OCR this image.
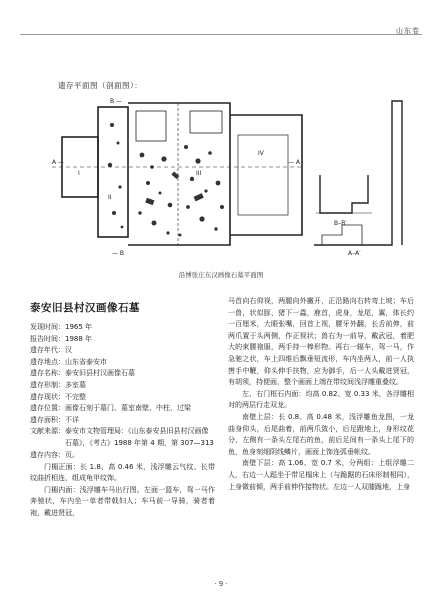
山东卷
遗存平面图（剖面图）：
A —	— A
B —
— B
I
II
III
IV
B–B′
A–A′
沿博张庄东汉画像石墓平面图
泰安旧县村汉画像石墓
发现时间： 1965 年
报告时间： 1988 年
遗存年代： 汉
遗存地点： 山东省泰安市
遗存名称： 泰安旧县村汉画像石墓
遗存形制： 多室墓
遗存现状： 不完整
遗存位置： 画像石刻于墓门、墓室南壁、中柱、过梁
遗存面积： 不详
文献来源： 泰安市文物管理局：《山东泰安县旧县村汉画像石墓》，《考古》1988 年第 4 期，第 307—313 页。

遗存内容：

门楣正面：长 1.8、高 0.46 米，浅浮雕云气纹、长带纹曲折相连，组成龟甲纹饰。

门楣内面：浅浮雕车马出行图。左面一篮车，驾一马作奔驰状，车内坐一单者带戟妇人；车马前一导骑，骑者着袍，戴进贤冠，

马首向右仰视，两腿向外撇开，正沿路向右转弯上坡；车后一兽，状似豚，猪下一蟲，鹿首，虎身，龙尾，翼，体长约一百厘米，大眼张嘴，回首上视，腰牙外翻，长舌前伸，前两爪置于头两侧，作正视状；兽右为一前导，戴武冠，着肥大的束腰袍服，两手持一棒形物。再右一辐车，驾一马，作急驰之状，车上四维后飘垂短流形，车内坐两人，前一人执辔手中鞭，仰头伸手扶物，应为御手，后一人头戴进贤冠，有胡须，持便面，整个画面上端在带纹间浅浮雕重叠纹。

左、右门框石内面：均高 0.82、宽 0.33 米，各浮雕相对的两层行走双龙。

南壁上层：长 0.8、高 0.48 米，浅浮雕鱼龙图，一龙曲身仰头，后尾曲着，前两爪敛小，后足蹬地上，身形纹花分，左侧有一条头左尾右的鱼，前后足间有一条头上尾下的鱼，鱼身刻细阴线鳞片，画面上饰连弧垂帐纹。

南壁下层：高 1.06、宽 0.7 米，分两组：上组浮雕二人，右边一人跽坐于带足榻床上（与跪踞的石床形制相同），上身微前倾，两手前伸作接物状。左边一人双膝跪地，上身

· 9 ·
